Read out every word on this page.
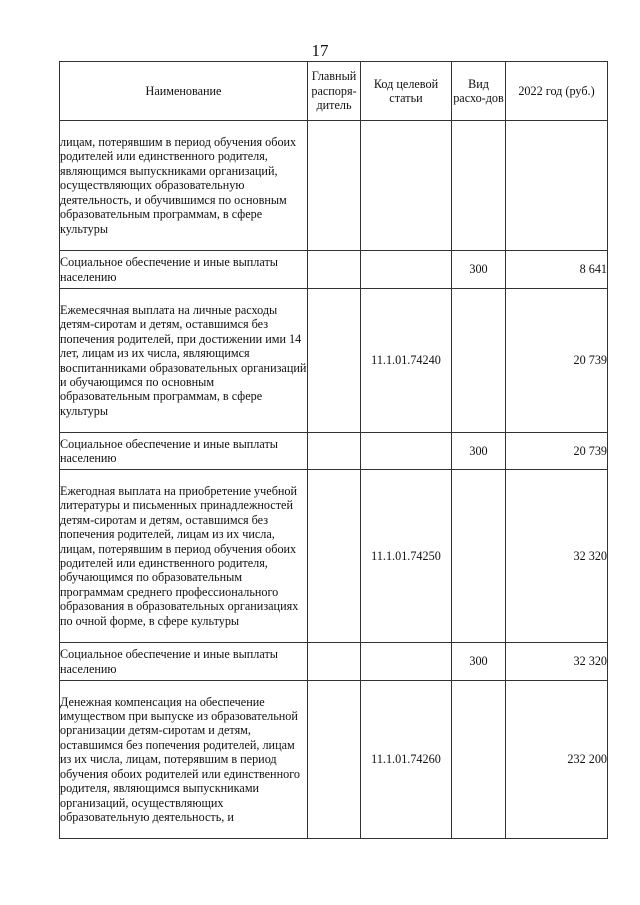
17
Наименование	Главный распоря-дитель	Код целевой статьи	Вид расхо-дов	2022 год (руб.)
лицам, потерявшим в период обучения обоих родителей или единственного родителя, являющимся выпускниками организаций, осуществляющих образовательную деятельность, и обучившимся по основным образовательным программам, в сфере культуры				
Социальное обеспечение и иные выплаты населению			300	8 641
Ежемесячная выплата на личные расходы детям-сиротам и детям, оставшимся без попечения родителей, при достижении ими 14 лет, лицам из их числа, являющимся воспитанниками образовательных организаций и обучающимся по основным образовательным программам, в сфере культуры		11.1.01.74240		20 739
Социальное обеспечение и иные выплаты населению			300	20 739
Ежегодная выплата на приобретение учебной литературы и письменных принадлежностей детям-сиротам и детям, оставшимся без попечения родителей, лицам из их числа, лицам, потерявшим в период обучения обоих родителей или единственного родителя, обучающимся по образовательным программам среднего профессионального образования в образовательных организациях по очной форме, в сфере культуры		11.1.01.74250		32 320
Социальное обеспечение и иные выплаты населению			300	32 320
Денежная компенсация на обеспечение имуществом при выпуске из образовательной организации детям-сиротам и детям, оставшимся без попечения родителей, лицам из их числа, лицам, потерявшим в период обучения обоих родителей или единственного родителя, являющимся выпускниками организаций, осуществляющих образовательную деятельность, и		11.1.01.74260		232 200
